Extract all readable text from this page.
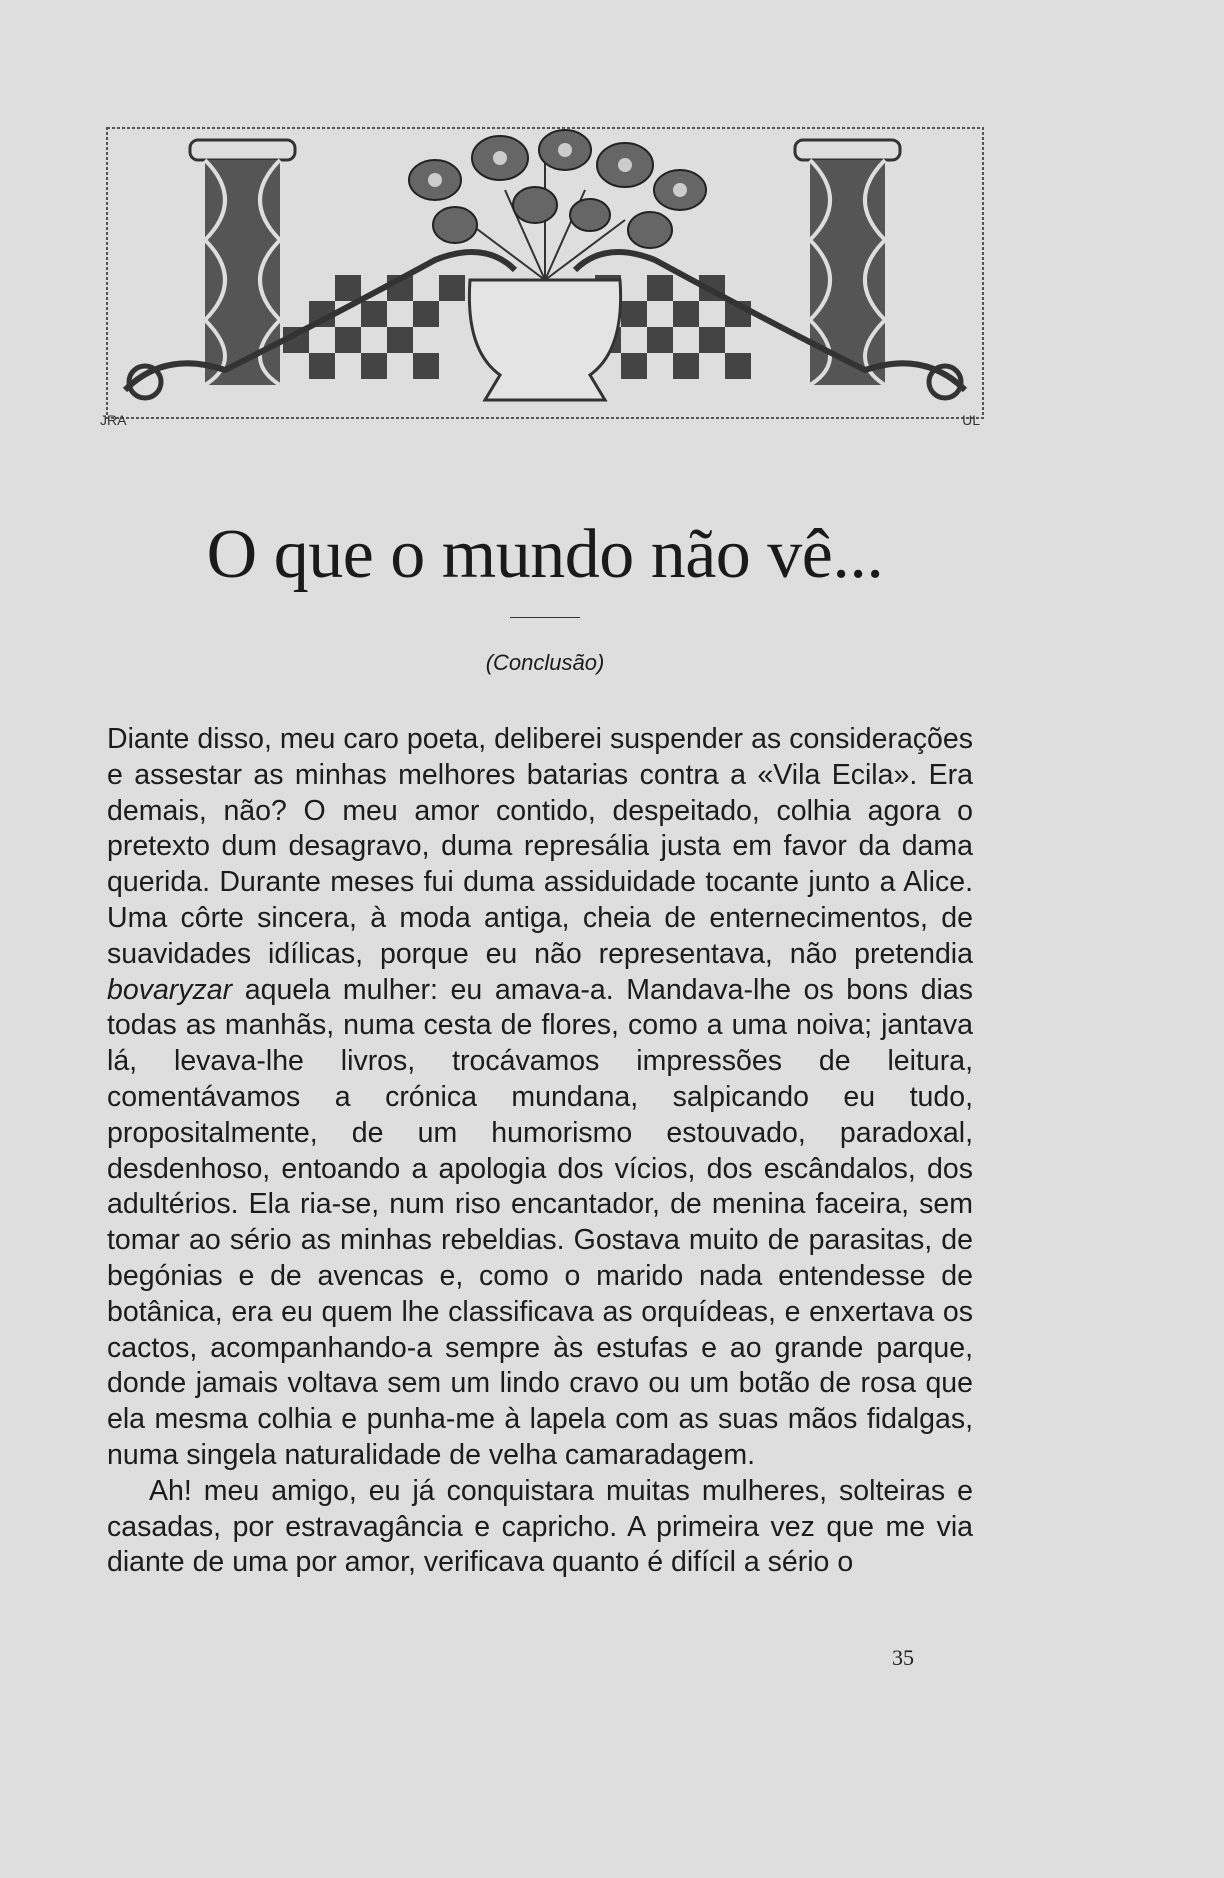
JRA	UL
O que o mundo não vê...
(Conclusão)

Diante disso, meu caro poeta, deliberei suspender as considerações e assestar as minhas melhores batarias contra a «Vila Ecila». Era demais, não? O meu amor contido, despeitado, colhia agora o pretexto dum desagravo, duma represália justa em favor da dama querida. Durante meses fui duma assiduidade tocante junto a Alice. Uma côrte sincera, à moda antiga, cheia de enternecimentos, de suavidades idílicas, porque eu não representava, não pretendia bovaryzar aquela mulher: eu amava-a. Mandava-lhe os bons dias todas as manhãs, numa cesta de flores, como a uma noiva; jantava lá, levava-lhe livros, trocávamos impressões de leitura, comentávamos a crónica mundana, salpicando eu tudo, propositalmente, de um humorismo estouvado, paradoxal, desdenhoso, entoando a apologia dos vícios, dos escândalos, dos adultérios. Ela ria-se, num riso encantador, de menina faceira, sem tomar ao sério as minhas rebeldias. Gostava muito de parasitas, de begónias e de avencas e, como o marido nada entendesse de botânica, era eu quem lhe classificava as orquídeas, e enxertava os cactos, acompanhando-a sempre às estufas e ao grande parque, donde jamais voltava sem um lindo cravo ou um botão de rosa que ela mesma colhia e punha-me à lapela com as suas mãos fidalgas, numa singela naturalidade de velha camaradagem.

Ah! meu amigo, eu já conquistara muitas mulheres, solteiras e casadas, por estravagância e capricho. A primeira vez que me via diante de uma por amor, verificava quanto é difícil a sério o

35
